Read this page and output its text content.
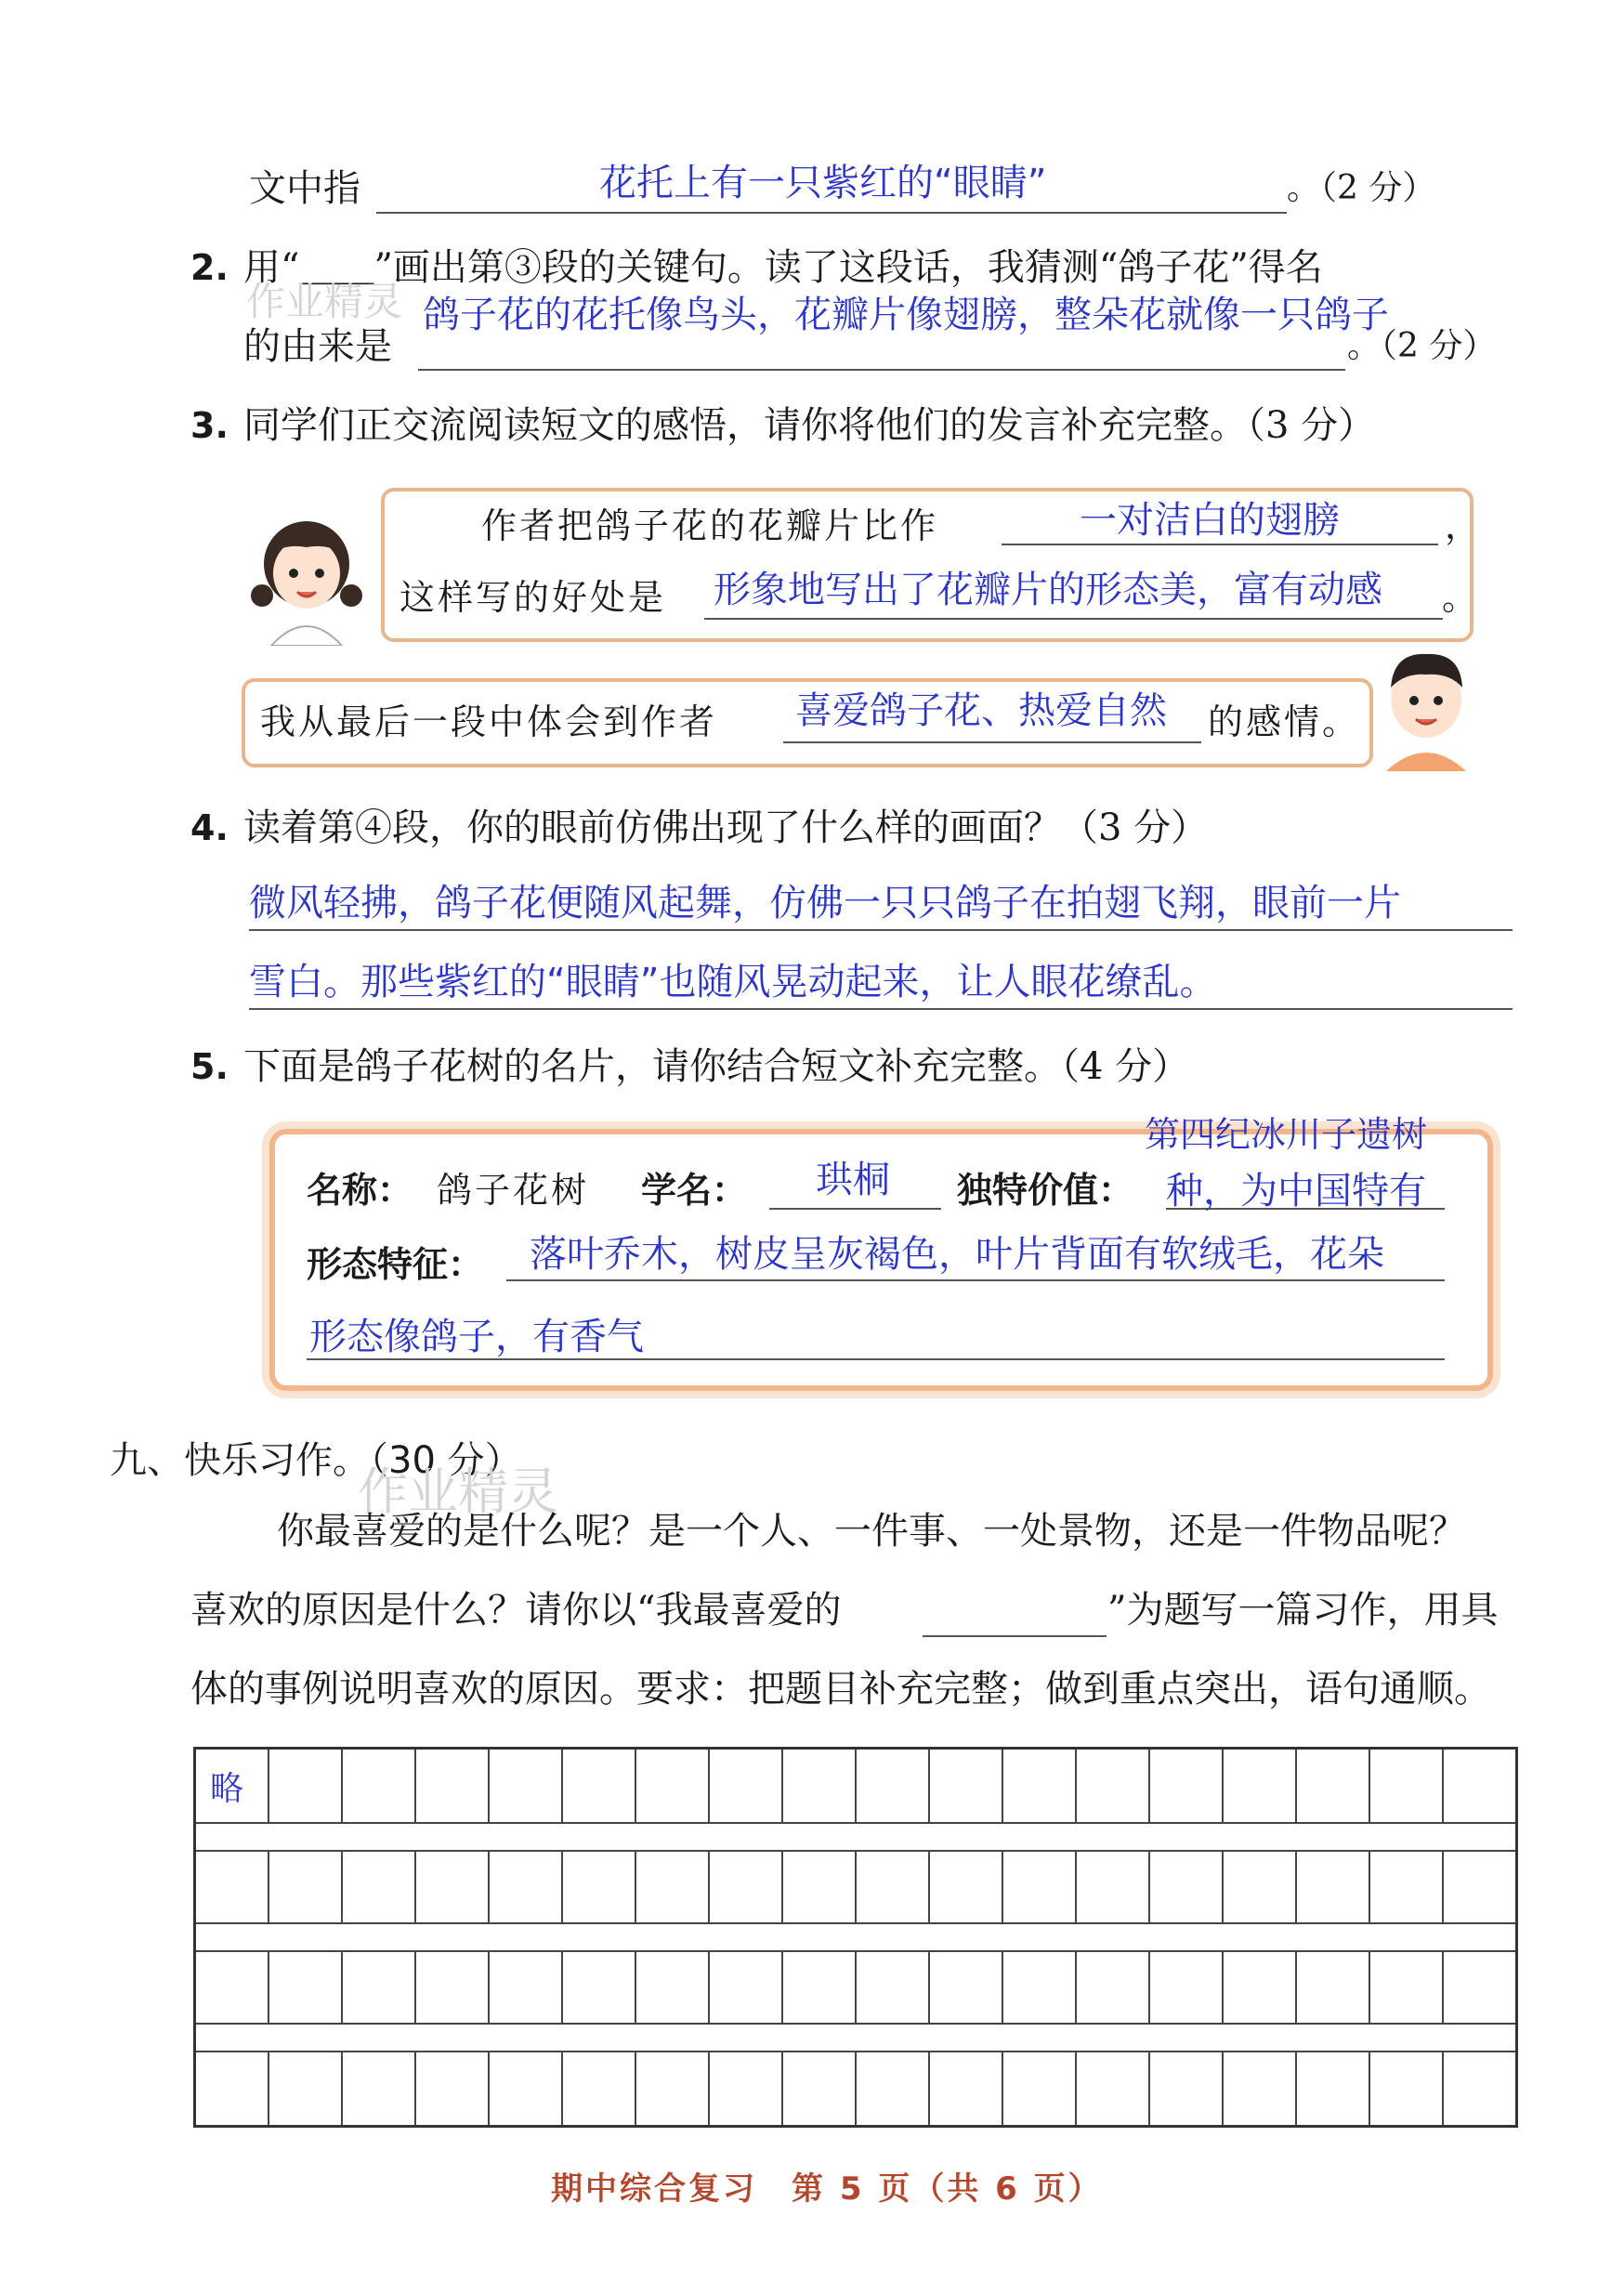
文中指	花托上有一只紫红的“眼睛”	。（2 分）
2. 用“＿＿”画出第③段的关键句。读了这段话，我猜测“鸽子花”得名
作业精灵 鸽子花的花托像鸟头，花瓣片像翅膀，整朵花就像一只鸽子
的由来是	。（2 分）
3. 同学们正交流阅读短文的感悟，请你将他们的发言补充完整。（3 分）
作者把鸽子花的花瓣片比作	一对洁白的翅膀	，
这样写的好处是 形象地写出了花瓣片的形态美，富有动感 。
我从最后一段中体会到作者 喜爱鸽子花、热爱自然 的感情。
4. 读着第④段，你的眼前仿佛出现了什么样的画面？（3 分）
微风轻拂，鸽子花便随风起舞，仿佛一只只鸽子在拍翅飞翔，眼前一片
雪白。那些紫红的“眼睛”也随风晃动起来，让人眼花缭乱。
5. 下面是鸽子花树的名片，请你结合短文补充完整。（4 分）
第四纪冰川子遗树
名称： 鸽子花树 学名： 珙桐 独特价值： 种，为中国特有
形态特征： 落叶乔木，树皮呈灰褐色，叶片背面有软绒毛，花朵
形态像鸽子，有香气
九、快乐习作。（30 分）
作业精灵
你最喜爱的是什么呢？是一个人、一件事、一处景物，还是一件物品呢？
喜欢的原因是什么？请你以“我最喜爱的	”为题写一篇习作，用具
体的事例说明喜欢的原因。要求：把题目补充完整；做到重点突出，语句通顺。
略
期中综合复习　第 5 页（共 6 页）
